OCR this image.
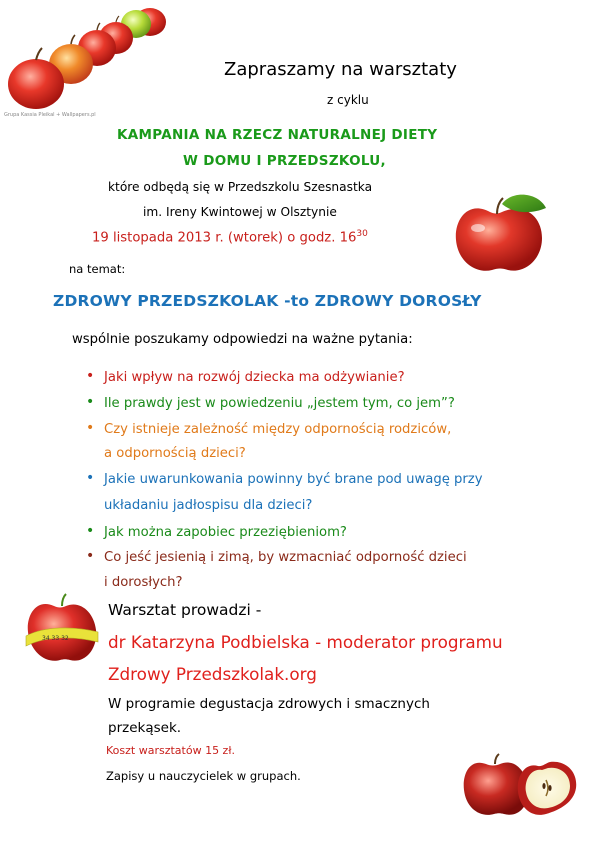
Grupa Kassia Pleikal + Wallpapers.pl
Zapraszamy na warsztaty
z cyklu
KAMPANIA NA RZECZ NATURALNEJ DIETY
W DOMU I PRZEDSZKOLU,
które odbędą się w Przedszkolu Szesnastka
im. Ireny Kwintowej w Olsztynie
19 listopada 2013 r. (wtorek) o godz. $16^{30}$
na temat:
ZDROWY PRZEDSZKOLAK -to ZDROWY DOROSŁY
wspólnie poszukamy odpowiedzi na ważne pytania:
• Jaki wpływ na rozwój dziecka ma odżywianie?
• Ile prawdy jest w powiedzeniu „jestem tym, co jem”?
• Czy istnieje zależność między odpornością rodziców,
a odpornością dzieci?
• Jakie uwarunkowania powinny być brane pod uwagę przy
układaniu jadłospisu dla dzieci?
• Jak można zapobiec przeziębieniom?
• Co jeść jesienią i zimą, by wzmacniać odporność dzieci
i dorosłych?
34 33 32
Warsztat prowadzi -
dr Katarzyna Podbielska - moderator programu
Zdrowy Przedszkolak.org
W programie degustacja zdrowych i smacznych
przekąsek.
Koszt warsztatów 15 zł.
Zapisy u nauczycielek w grupach.
